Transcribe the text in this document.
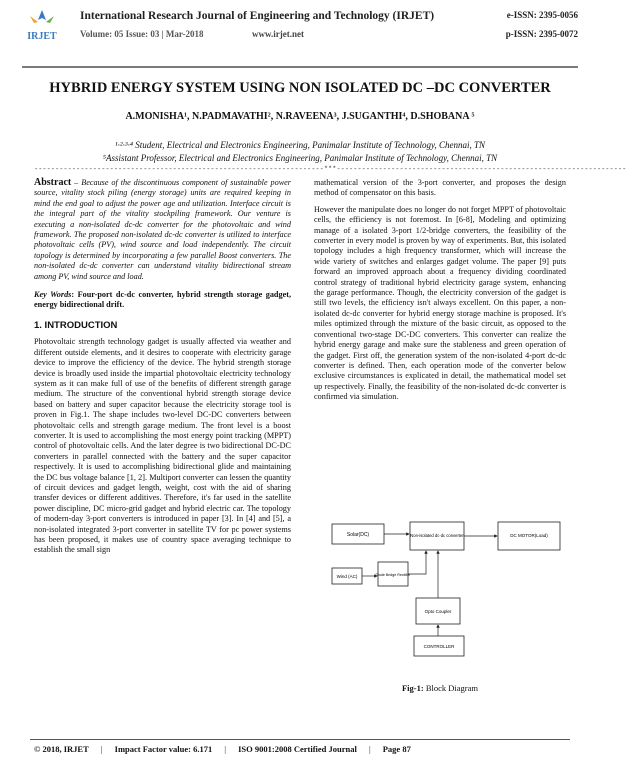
IRJET
International Research Journal of Engineering and Technology (IRJET)
Volume: 05 Issue: 03 | Mar-2018	www.irjet.net
e-ISSN: 2395-0056
p-ISSN: 2395-0072
HYBRID ENERGY SYSTEM USING NON ISOLATED DC –DC CONVERTER
A.MONISHA¹, N.PADMAVATHI², N.RAVEENA³, J.SUGANTHI⁴, D.SHOBANA ⁵
¹·²·³·⁴ Student, Electrical and Electronics Engineering, Panimalar Institute of Technology, Chennai, TN
⁵Assistant Professor, Electrical and Electronics Engineering, Panimalar Institute of Technology, Chennai, TN
---------------------------------------------------------------------***---------------------------------------------------------------------
Abstract – Because of the discontinuous component of sustainable power source, vitality stock piling (energy storage) units are required keeping in mind the end goal to adjust the power age and utilization. Interface circuit is the integral part of the vitality stockpiling framework. Our venture is executing a non-isolated dc-dc converter for the photovoltaic and wind framework. The proposed non-isolated dc-dc converter is utilized to interface photovoltaic cells (PV), wind source and load independently. The circuit topology is determined by incorporating a few parallel Boost converters. The non-isolated dc-dc converter can understand vitality bidirectional stream among PV, wind source and load.
Key Words: Four-port dc-dc converter, hybrid strength storage gadget, energy bidirectional drift.
1. INTRODUCTION
Photovoltaic strength technology gadget is usually affected via weather and different outside elements, and it desires to cooperate with electricity garage device to improve the efficiency of the device. The hybrid strength storage device is broadly used inside the impartial photovoltaic electricity technology system as it can make full of use of the benefits of different strength garage medium. The structure of the conventional hybrid strength storage device based on battery and super capacitor because the electricity storage tool is proven in Fig.1. The shape includes two-level DC-DC converters between photovoltaic cells and strength garage medium. The front level is a boost converter. It is used to accomplishing the most energy point tracking (MPPT) control of photovoltaic cells. And the later degree is two bidirectional DC-DC converters in parallel connected with the battery and the super capacitor respectively. It is used to accomplishing bidirectional glide and maintaining the DC bus voltage balance [1, 2]. Multiport converter can lessen the quantity of circuit devices and gadget length, weight, cost with the aid of sharing transfer devices or different additives. Therefore, it's far used in the satellite power discipline, DC micro-grid gadget and hybrid electric car. The topology of modern-day 3-port converters is introduced in paper [3]. In [4] and [5], a non-isolated integrated 3-port converter in satellite TV for pc power systems has been proposed, it makes use of country space averaging technique to establish the small sign
mathematical version of the 3-port converter, and proposes the design method of compensator on this basis.
However the manipulate does no longer do not forget MPPT of photovoltaic cells, the efficiency is not foremost. In [6-8], Modeling and optimizing manage of a isolated 3-port 1/2-bridge converters, the feasibility of the converter in every model is proven by way of experiments. But, this isolated topology includes a high frequency transformer, which will increase the wide variety of switches and enlarges gadget volume. The paper [9] puts forward an improved approach about a frequency dividing coordinated control strategy of traditional hybrid electricity garage system, enhancing the garage performance. Though, the electricity conversion of the gadget is still two levels, the efficiency isn't always excellent. On this paper, a non-isolated dc-dc converter for hybrid energy storage machine is proposed. It's miles optimized through the mixture of the basic circuit, as opposed to the conventional two-stage DC-DC converters. This converter can realize the hybrid energy garage and make sure the stableness and green operation of the gadget. First off, the generation system of the non-isolated 4-port dc-dc converter is defined. Then, each operation mode of the converter below exclusive circumstances is explicated in detail, the mathematical model set up respectively. Finally, the feasibility of the non-isolated dc-dc converter is confirmed via simulation.
Solar(DC)	Non-isolated dc-dc converter	DC MOTOR(Load)
Wind (AC)	Diode Bridge Rectifier
Opto Coupler
CONTROLLER
Fig-1: Block Diagram
© 2018, IRJET | Impact Factor value: 6.171 | ISO 9001:2008 Certified Journal | Page 87
